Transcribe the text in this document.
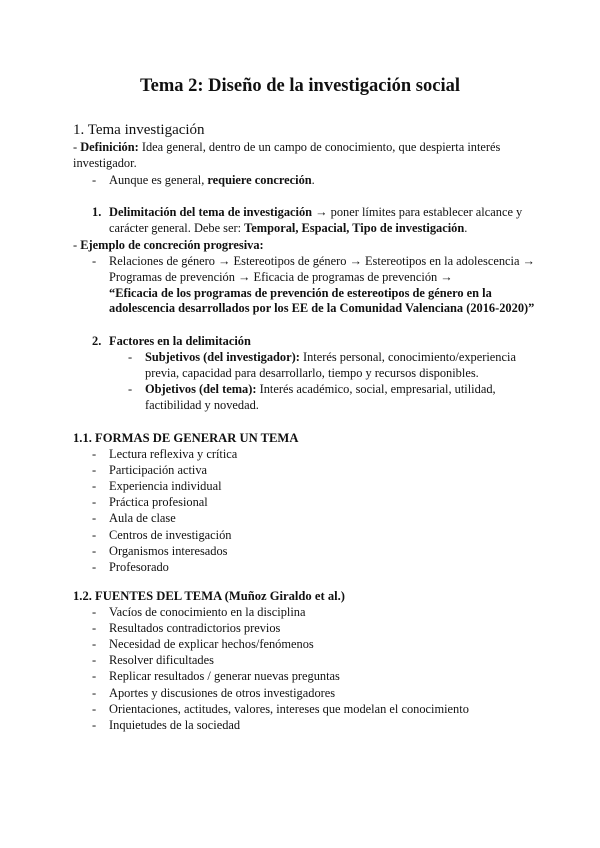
Tema 2: Diseño de la investigación social
1. Tema investigación
- Definición: Idea general, dentro de un campo de conocimiento, que despierta interés
investigador.
- Aunque es general, requiere concreción.
1. Delimitación del tema de investigación → poner límites para establecer alcance y
carácter general. Debe ser: Temporal, Espacial, Tipo de investigación.
- Ejemplo de concreción progresiva:
- Relaciones de género → Estereotipos de género → Estereotipos en la adolescencia →
Programas de prevención → Eficacia de programas de prevención →
“Eficacia de los programas de prevención de estereotipos de género en la
adolescencia desarrollados por los EE de la Comunidad Valenciana (2016-2020)”
2. Factores en la delimitación
- Subjetivos (del investigador): Interés personal, conocimiento/experiencia
previa, capacidad para desarrollarlo, tiempo y recursos disponibles.
- Objetivos (del tema): Interés académico, social, empresarial, utilidad,
factibilidad y novedad.
1.1. FORMAS DE GENERAR UN TEMA
- Lectura reflexiva y crítica
- Participación activa
- Experiencia individual
- Práctica profesional
- Aula de clase
- Centros de investigación
- Organismos interesados
- Profesorado
1.2. FUENTES DEL TEMA (Muñoz Giraldo et al.)
- Vacíos de conocimiento en la disciplina
- Resultados contradictorios previos
- Necesidad de explicar hechos/fenómenos
- Resolver dificultades
- Replicar resultados / generar nuevas preguntas
- Aportes y discusiones de otros investigadores
- Orientaciones, actitudes, valores, intereses que modelan el conocimiento
- Inquietudes de la sociedad
